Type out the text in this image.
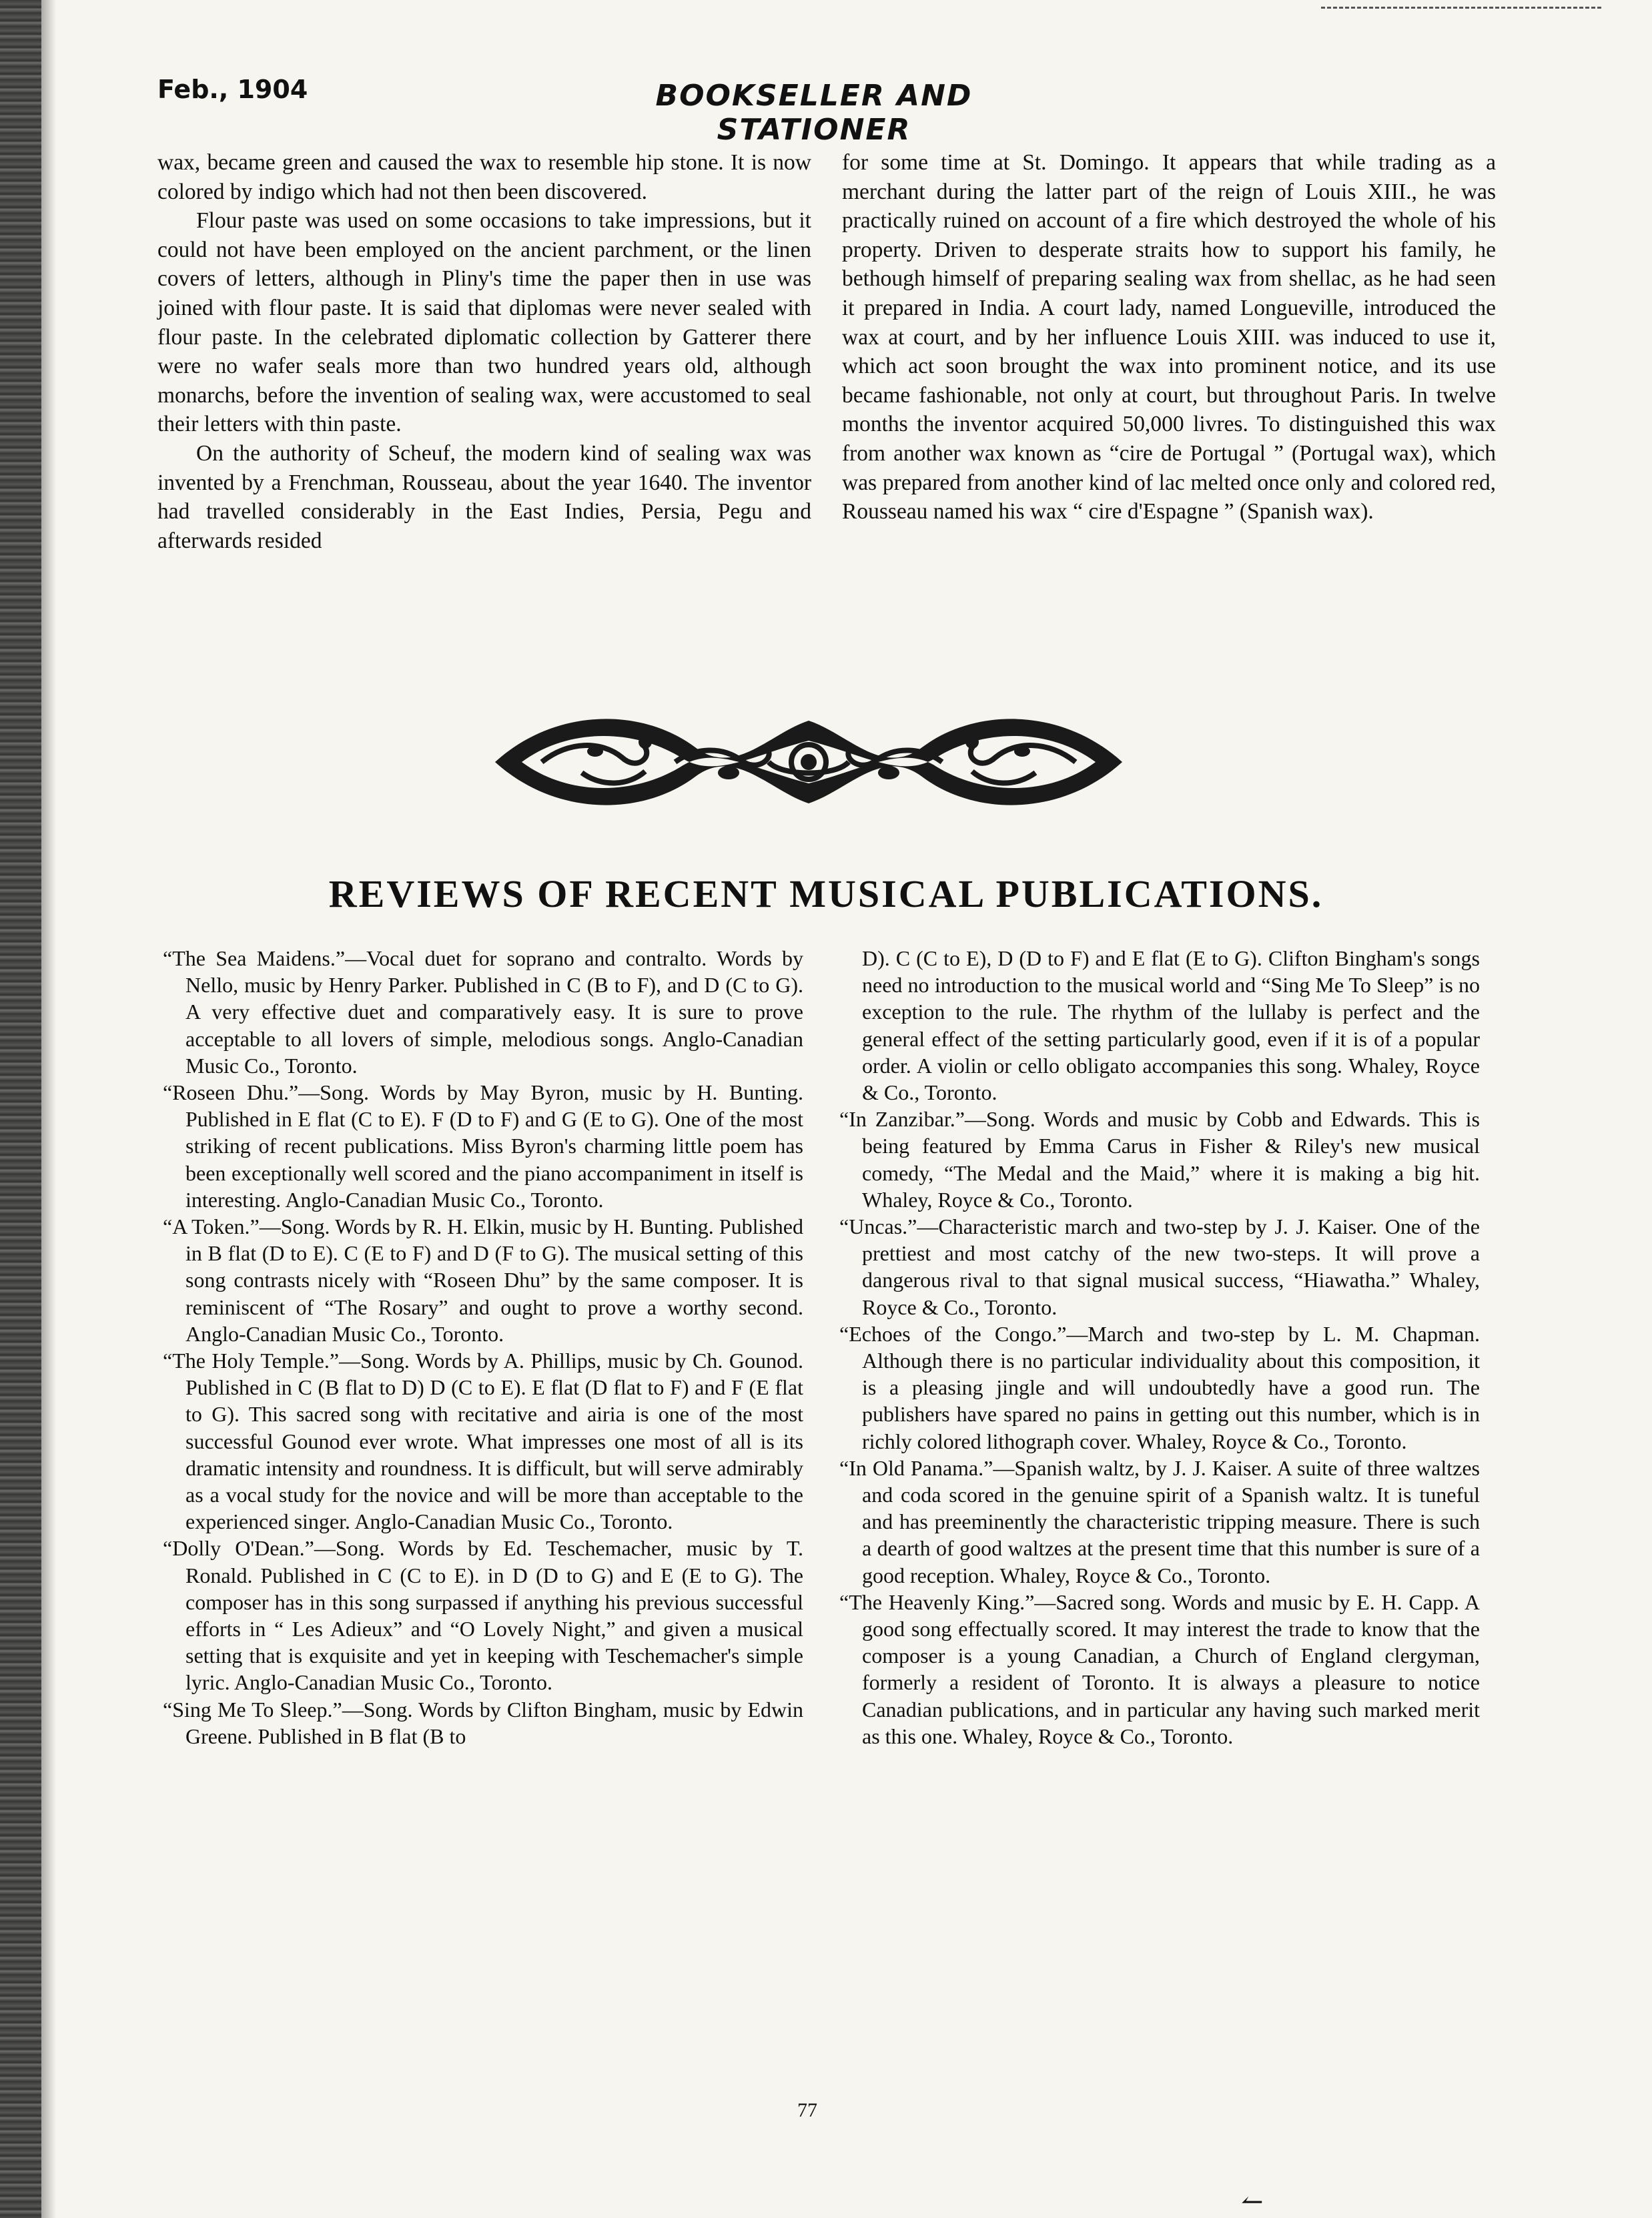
Feb., 1904	BOOKSELLER AND STATIONER

wax, became green and caused the wax to resemble hip stone. It is now colored by indigo which had not then been discovered.

Flour paste was used on some occasions to take impressions, but it could not have been employed on the ancient parchment, or the linen covers of letters, although in Pliny's time the paper then in use was joined with flour paste. It is said that diplomas were never sealed with flour paste. In the celebrated diplomatic collection by Gatterer there were no wafer seals more than two hundred years old, although monarchs, before the invention of sealing wax, were accustomed to seal their letters with thin paste.

On the authority of Scheuf, the modern kind of sealing wax was invented by a Frenchman, Rousseau, about the year 1640. The inventor had travelled considerably in the East Indies, Persia, Pegu and afterwards resided

for some time at St. Domingo. It appears that while trading as a merchant during the latter part of the reign of Louis XIII., he was practically ruined on account of a fire which destroyed the whole of his property. Driven to desperate straits how to support his family, he bethough himself of preparing sealing wax from shellac, as he had seen it prepared in India. A court lady, named Longueville, introduced the wax at court, and by her influence Louis XIII. was induced to use it, which act soon brought the wax into prominent notice, and its use became fashionable, not only at court, but throughout Paris. In twelve months the inventor acquired 50,000 livres. To distinguished this wax from another wax known as “cire de Portugal ” (Portugal wax), which was prepared from another kind of lac melted once only and colored red, Rousseau named his wax “ cire d'Espagne ” (Spanish wax).

REVIEWS OF RECENT MUSICAL PUBLICATIONS.

“The Sea Maidens.”—Vocal duet for soprano and contralto. Words by Nello, music by Henry Parker. Published in C (B to F), and D (C to G). A very effective duet and comparatively easy. It is sure to prove acceptable to all lovers of simple, melodious songs. Anglo-Canadian Music Co., Toronto.

“Roseen Dhu.”—Song. Words by May Byron, music by H. Bunting. Published in E flat (C to E). F (D to F) and G (E to G). One of the most striking of recent publications. Miss Byron's charming little poem has been exceptionally well scored and the piano accompaniment in itself is interesting. Anglo-Canadian Music Co., Toronto.

“A Token.”—Song. Words by R. H. Elkin, music by H. Bunting. Published in B flat (D to E). C (E to F) and D (F to G). The musical setting of this song contrasts nicely with “Roseen Dhu” by the same composer. It is reminiscent of “The Rosary” and ought to prove a worthy second. Anglo-Canadian Music Co., Toronto.

“The Holy Temple.”—Song. Words by A. Phillips, music by Ch. Gounod. Published in C (B flat to D) D (C to E). E flat (D flat to F) and F (E flat to G). This sacred song with recitative and airia is one of the most successful Gounod ever wrote. What impresses one most of all is its dramatic intensity and roundness. It is difficult, but will serve admirably as a vocal study for the novice and will be more than acceptable to the experienced singer. Anglo-Canadian Music Co., Toronto.

“Dolly O'Dean.”—Song. Words by Ed. Teschemacher, music by T. Ronald. Published in C (C to E). in D (D to G) and E (E to G). The composer has in this song surpassed if anything his previous successful efforts in “ Les Adieux” and “O Lovely Night,” and given a musical setting that is exquisite and yet in keeping with Teschemacher's simple lyric. Anglo-Canadian Music Co., Toronto.

“Sing Me To Sleep.”—Song. Words by Clifton Bingham, music by Edwin Greene. Published in B flat (B to

D). C (C to E), D (D to F) and E flat (E to G). Clifton Bingham's songs need no introduction to the musical world and “Sing Me To Sleep” is no exception to the rule. The rhythm of the lullaby is perfect and the general effect of the setting particularly good, even if it is of a popular order. A violin or cello obligato accompanies this song. Whaley, Royce & Co., Toronto.

“In Zanzibar.”—Song. Words and music by Cobb and Edwards. This is being featured by Emma Carus in Fisher & Riley's new musical comedy, “The Medal and the Maid,” where it is making a big hit. Whaley, Royce & Co., Toronto.

“Uncas.”—Characteristic march and two-step by J. J. Kaiser. One of the prettiest and most catchy of the new two-steps. It will prove a dangerous rival to that signal musical success, “Hiawatha.” Whaley, Royce & Co., Toronto.

“Echoes of the Congo.”—March and two-step by L. M. Chapman. Although there is no particular individuality about this composition, it is a pleasing jingle and will undoubtedly have a good run. The publishers have spared no pains in getting out this number, which is in richly colored lithograph cover. Whaley, Royce & Co., Toronto.

“In Old Panama.”—Spanish waltz, by J. J. Kaiser. A suite of three waltzes and coda scored in the genuine spirit of a Spanish waltz. It is tuneful and has preeminently the characteristic tripping measure. There is such a dearth of good waltzes at the present time that this number is sure of a good reception. Whaley, Royce & Co., Toronto.

“The Heavenly King.”—Sacred song. Words and music by E. H. Capp. A good song effectually scored. It may interest the trade to know that the composer is a young Canadian, a Church of England clergyman, formerly a resident of Toronto. It is always a pleasure to notice Canadian publications, and in particular any having such marked merit as this one. Whaley, Royce & Co., Toronto.

77
↼
